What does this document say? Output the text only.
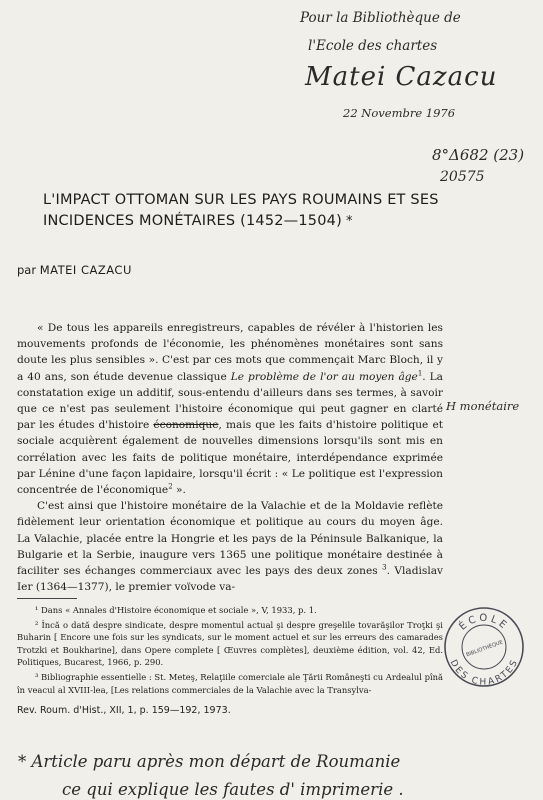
Pour la Bibliothèque de
l'Ecole des chartes
Matei Cazacu
22 Novembre 1976
8°Δ682 (23)
20575
L'IMPACT OTTOMAN SUR LES PAYS ROUMAINS ET SES INCIDENCES MONÉTAIRES (1452—1504) *
par MATEI CAZACU

« De tous les appareils enregistreurs, capables de révéler à l'historien les mouvements profonds de l'économie, les phénomènes monétaires sont sans doute les plus sensibles ». C'est par ces mots que commençait Marc Bloch, il y a 40 ans, son étude devenue classique Le problème de l'or au moyen âge$^1$. La constatation exige un additif, sous-entendu d'ailleurs dans ses termes, à savoir que ce n'est pas seulement l'histoire économique qui peut gagner en clarté par les études d'histoire économique, mais que les faits d'histoire politique et sociale acquièrent également de nouvelles dimensions lorsqu'ils sont mis en corrélation avec les faits de politique monétaire, interdépendance exprimée par Lénine d'une façon lapidaire, lorsqu'il écrit : « Le politique est l'expression concentrée de l'économique$^2$ ».

C'est ainsi que l'histoire monétaire de la Valachie et de la Moldavie reflète fidèlement leur orientation économique et politique au cours du moyen âge. La Valachie, placée entre la Hongrie et les pays de la Péninsule Balkanique, la Bulgarie et la Serbie, inaugure vers 1365 une politique monétaire destinée à faciliter ses échanges commerciaux avec les pays des deux zones $^3$. Vladislav Ier (1364—1377), le premier voïvode va-

H monétaire

¹ Dans « Annales d'Histoire économique et sociale », V, 1933, p. 1.

² Încă o dată despre sindicate, despre momentul actual şi despre greşelile tovarăşilor Troţki şi Buharin [ Encore une fois sur les syndicats, sur le moment actuel et sur les erreurs des camarades Trotzki et Boukharine], dans Opere complete [ Œuvres complètes], deuxième édition, vol. 42, Ed. Politiques, Bucarest, 1966, p. 290.

³ Bibliographie essentielle : St. Meteş, Relaţiile comerciale ale Ţării Româneşti cu Ardealul pînă în veacul al XVIII-lea, [Les relations commerciales de la Valachie avec la Transylva-

Rev. Roum. d'Hist., XII, 1, p. 159—192, 1973.
ÉCOLE
BIBLIOTHÈQUE
DES CHARTES
* Article paru après mon départ de Roumanie
ce qui explique les fautes d' imprimerie .
